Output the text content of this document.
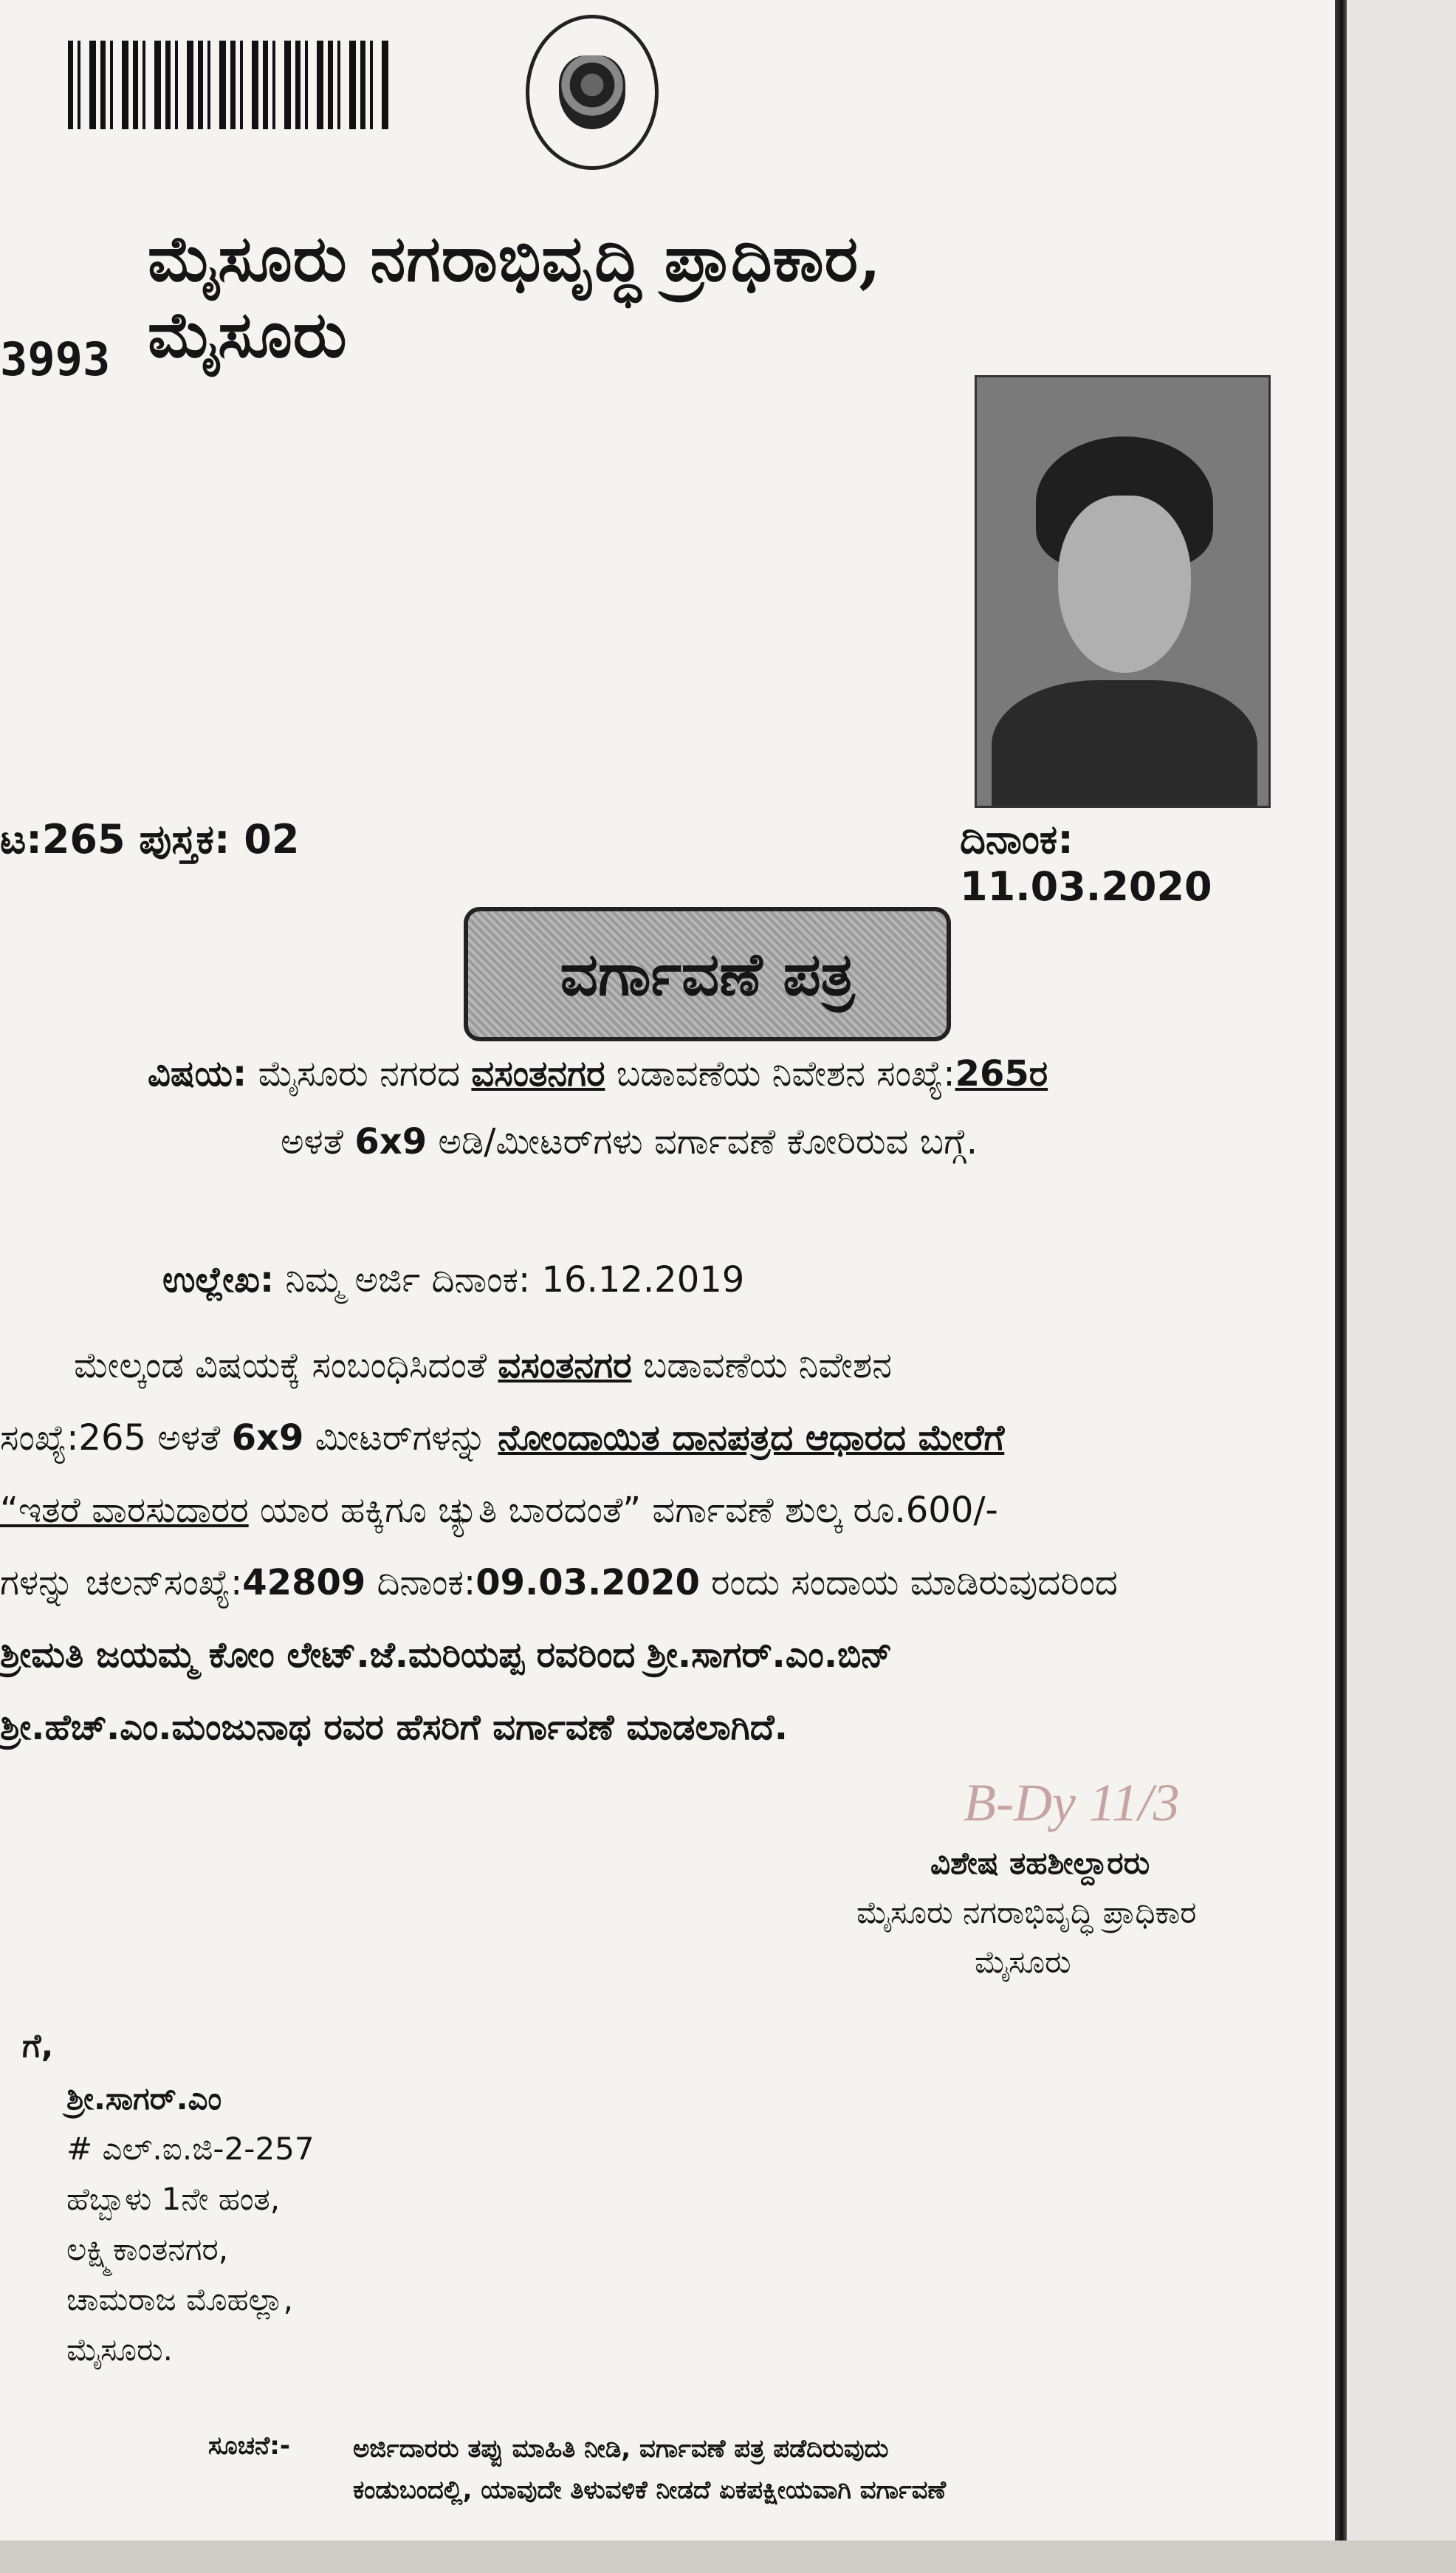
ಮೈಸೂರು ನಗರಾಭಿವೃದ್ಧಿ ಪ್ರಾಧಿಕಾರ, ಮೈಸೂರು
3993
ಟ:265 ಪುಸ್ತಕ: 02	ದಿನಾಂಕ: 11.03.2020
ವರ್ಗಾವಣೆ ಪತ್ರ
ವಿಷಯ: ಮೈಸೂರು ನಗರದ ವಸಂತನಗರ ಬಡಾವಣೆಯ ನಿವೇಶನ ಸಂಖ್ಯೆ:265ರ
ಅಳತೆ 6x9 ಅಡಿ/ಮೀಟರ್‌ಗಳು ವರ್ಗಾವಣೆ ಕೋರಿರುವ ಬಗ್ಗೆ.
ಉಲ್ಲೇಖ: ನಿಮ್ಮ ಅರ್ಜಿ ದಿನಾಂಕ: 16.12.2019
ಮೇಲ್ಕಂಡ ವಿಷಯಕ್ಕೆ ಸಂಬಂಧಿಸಿದಂತೆ ವಸಂತನಗರ ಬಡಾವಣೆಯ ನಿವೇಶನ
ಸಂಖ್ಯೆ:265 ಅಳತೆ 6x9 ಮೀಟರ್‌ಗಳನ್ನು ನೋಂದಾಯಿತ ದಾನಪತ್ರದ ಆಧಾರದ ಮೇರೆಗೆ
“ಇತರೆ ವಾರಸುದಾರರ ಯಾರ ಹಕ್ಕಿಗೂ ಚ್ಯುತಿ ಬಾರದಂತೆ” ವರ್ಗಾವಣೆ ಶುಲ್ಕ ರೂ.600/-
ಗಳನ್ನು ಚಲನ್‌ಸಂಖ್ಯೆ:42809 ದಿನಾಂಕ:09.03.2020 ರಂದು ಸಂದಾಯ ಮಾಡಿರುವುದರಿಂದ
ಶ್ರೀಮತಿ ಜಯಮ್ಮ ಕೋಂ ಲೇಟ್.ಜೆ.ಮರಿಯಪ್ಪ ರವರಿಂದ ಶ್ರೀ.ಸಾಗರ್.ಎಂ.ಬಿನ್
ಶ್ರೀ.ಹೆಚ್.ಎಂ.ಮಂಜುನಾಥ ರವರ ಹೆಸರಿಗೆ ವರ್ಗಾವಣೆ ಮಾಡಲಾಗಿದೆ.
B-Dy 11/3
ವಿಶೇಷ ತಹಶೀಲ್ದಾರರು
ಮೈಸೂರು ನಗರಾಭಿವೃದ್ಧಿ ಪ್ರಾಧಿಕಾರ
ಮೈಸೂರು
ಗೆ,
ಶ್ರೀ.ಸಾಗರ್.ಎಂ
# ಎಲ್.ಐ.ಜಿ-2-257
ಹೆಬ್ಬಾಳು 1ನೇ ಹಂತ,
ಲಕ್ಷ್ಮಿಕಾಂತನಗರ,
ಚಾಮರಾಜ ಮೊಹಲ್ಲಾ,
ಮೈಸೂರು.
ಸೂಚನೆ:-	ಅರ್ಜಿದಾರರು ತಪ್ಪು ಮಾಹಿತಿ ನೀಡಿ, ವರ್ಗಾವಣೆ ಪತ್ರ ಪಡೆದಿರುವುದು
ಕಂಡುಬಂದಲ್ಲಿ, ಯಾವುದೇ ತಿಳುವಳಿಕೆ ನೀಡದೆ ಏಕಪಕ್ಷೀಯವಾಗಿ ವರ್ಗಾವಣೆ
